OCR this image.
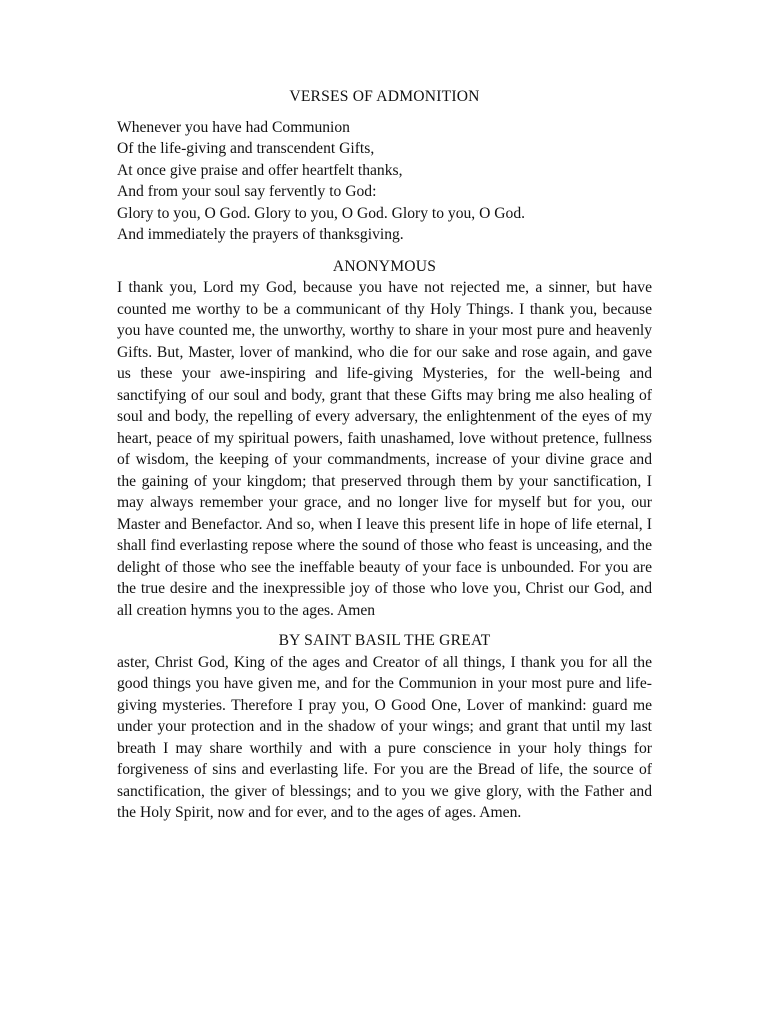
VERSES OF ADMONITION
Whenever you have had Communion
Of the life-giving and transcendent Gifts,
At once give praise and offer heartfelt thanks,
And from your soul say fervently to God:
Glory to you, O God. Glory to you, O God. Glory to you, O God.
And immediately the prayers of thanksgiving.
ANONYMOUS

I thank you, Lord my God, because you have not rejected me, a sinner, but have counted me worthy to be a communicant of thy Holy Things. I thank you, because you have counted me, the unworthy, worthy to share in your most pure and heavenly Gifts. But, Master, lover of mankind, who die for our sake and rose again, and gave us these your awe-inspiring and life-giving Mysteries, for the well-being and sanctifying of our soul and body, grant that these Gifts may bring me also healing of soul and body, the repelling of every adversary, the enlightenment of the eyes of my heart, peace of my spiritual powers, faith unashamed, love without pretence, fullness of wisdom, the keeping of your commandments, increase of your divine grace and the gaining of your kingdom; that preserved through them by your sanctification, I may always remember your grace, and no longer live for myself but for you, our Master and Benefactor. And so, when I leave this present life in hope of life eternal, I shall find everlasting repose where the sound of those who feast is unceasing, and the delight of those who see the ineffable beauty of your face is unbounded. For you are the true desire and the inexpressible joy of those who love you, Christ our God, and all creation hymns you to the ages. Amen

BY SAINT BASIL THE GREAT

aster, Christ God, King of the ages and Creator of all things, I thank you for all the good things you have given me, and for the Communion in your most pure and life-giving mysteries. Therefore I pray you, O Good One, Lover of mankind: guard me under your protection and in the shadow of your wings; and grant that until my last breath I may share worthily and with a pure conscience in your holy things for forgiveness of sins and everlasting life. For you are the Bread of life, the source of sanctification, the giver of blessings; and to you we give glory, with the Father and the Holy Spirit, now and for ever, and to the ages of ages. Amen.
